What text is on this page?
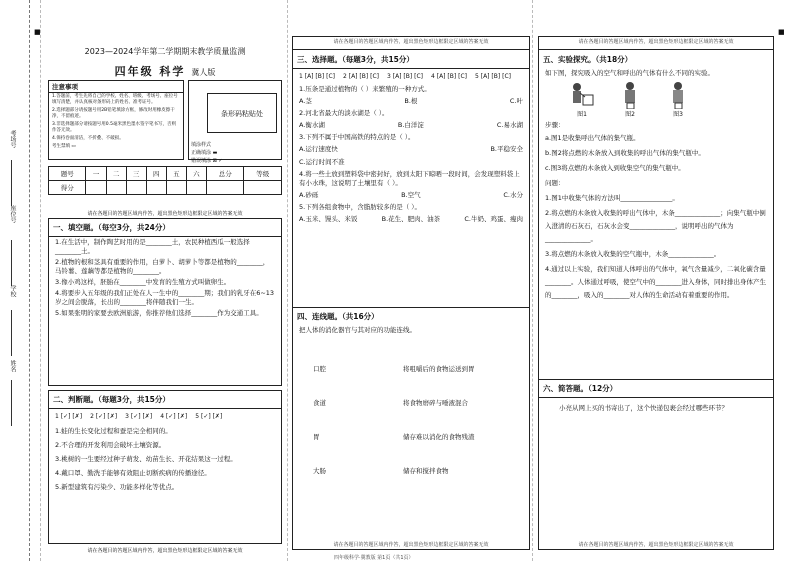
考场号
座位号
学校
姓名
■	■
2023—2024学年第二学期期末教学质量监测
四年级 科学 冀人版
注意事项
1.答题前，考生先将自己的学校、姓名、班级、考场号、座位号填写清楚，并认真核对条形码上的姓名、准考证号。
2.选择题部分请按题号用2B铅笔填涂方框，修改时用橡皮擦干净，不留痕迹。
3.非选择题部分请按题号用0.5毫米黑色墨水签字笔书写，否则作答无效。
4.保持卷面清洁，不折叠、不破损。
考生禁填 ▭
条形码粘贴处
填涂样式
正确填涂 ▬
错误填涂 ⊠ ✓
题号	一	二	三	四	五	六	总分	等级
得分								
请在各题目的答题区域内作答，超出黑色矩形边框限定区域的答案无效
一、填空题。（每空3分，共24分）
1.在生活中，制作陶艺时用的是________土，农民种植西瓜一般选择________土。
2.植物的根和茎具有重要的作用，白萝卜、胡萝卜等都是植物的________，马铃薯、莲藕等都是植物的________。
3.像小鸡这样，胚胎在________中发育的生殖方式叫做卵生。
4.将要步入五年级的我们正处在人一生中的________期；我们的乳牙在6~13岁之间会脱落，长出的________将伴随我们一生。
5.如果张明的家要去欧洲旅游，你推荐他们选择________作为交通工具。
二、判断题。（每题3分，共15分）
1 [✓] [✗] 2 [✓] [✗] 3 [✓] [✗] 4 [✓] [✗] 5 [✓] [✗]
1.蛙的生长变化过程和蚕是完全相同的。
2.不合理的开发利用会破坏土壤资源。
3.桃树的一生要经过种子萌发、幼苗生长、开花结果这一过程。
4.戴口罩、勤洗手能够有效阻止切断疾病的传播途径。
5.新型建筑有污染少、功能多样化等优点。
请在各题目的答题区域内作答，超出黑色矩形边框限定区域的答案无效
请在各题目的答题区域内作答，超出黑色矩形边框限定区域的答案无效
三、选择题。（每题3分，共15分）
1 [A] [B] [C] 2 [A] [B] [C] 3 [A] [B] [C] 4 [A] [B] [C] 5 [A] [B] [C]
1.压条是通过植物的（ ）来繁殖的一种方式。
A.茎	B.根	C.叶
2.河北省最大的淡水湖是（ ）。
A.衡水湖	B.白洋淀	C.易水湖
3.下列不属于中国高铁的特点的是（ ）。
A.运行速度快	B.平稳安全
C.运行时间不准
4.将一些土放到塑料袋中密封好，放到太阳下晾晒一段时间，会发现塑料袋上有小水珠，这说明了土壤里有（ ）。
A.砂砾	B.空气	C.水分
5.下列各组食物中，含脂肪较多的是（ ）。
A.玉米、馒头、米饭	B.花生、肥肉、油茶	C.牛奶、鸡蛋、瘦肉
四、连线题。（共16分）
把人体的消化器官与其对应的功能连线。
口腔
食道
胃
大肠
将咀嚼后的食物运送到胃
将食物磨碎与唾液混合
储存难以消化的食物残渣
储存和搅拌食物
请在各题目的答题区域内作答，超出黑色矩形边框限定区域的答案无效
请在各题目的答题区域内作答，超出黑色矩形边框限定区域的答案无效
五、实验探究。（共18分）
如下图，探究吸入的空气和呼出的气体有什么不同的实验。
图1	图2	图3
步骤：
a.图1是收集呼出气体的集气瓶。
b.图2将点燃的木条放入到收集的呼出气体的集气瓶中。
c.图3将点燃的木条放入到收集空气的集气瓶中。
问题：
1.图1中收集气体的方法叫________________。
2.将点燃的木条放入收集的呼出气体中，木条______________；向集气瓶中倒入澄清的石灰石，石灰水会变______________，说明呼出的气体为______________。
3.将点燃的木条放入收集的空气瓶中，木条______________。
4.通过以上实验，我们知道人体呼出的气体中，氧气含量减少，二氧化碳含量________。人体通过呼吸，使空气中的________进入身体，同时排出身体产生的________，吸入的________对人体的生命活动有着重要的作用。
六、简答题。（12分）
小亮从网上买的书寄出了，这个快递包裹会经过哪些环节？
请在各题目的答题区域内作答，超出黑色矩形边框限定区域的答案无效
四年级科学·冀教版 第1页（共1页）
